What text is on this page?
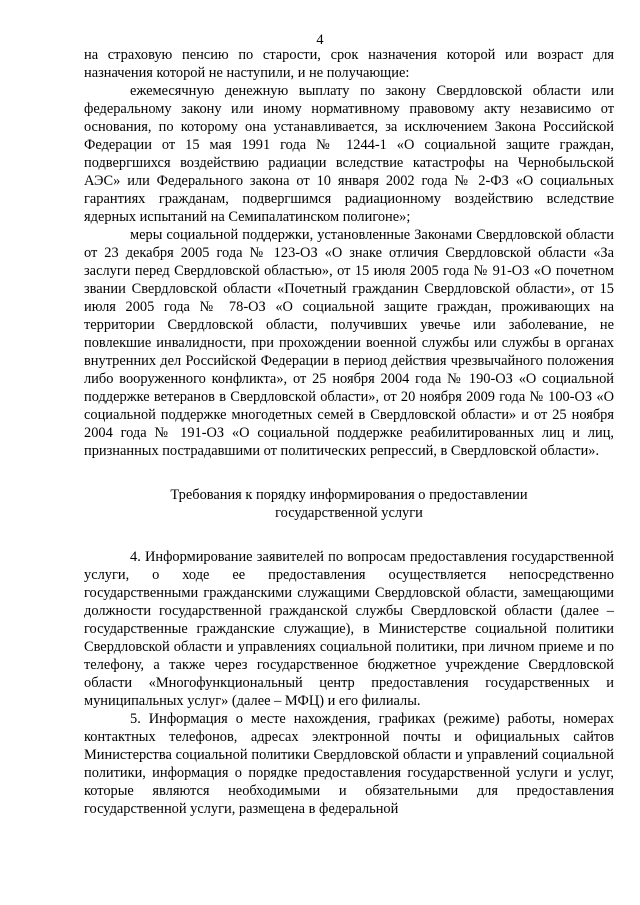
4

на страховую пенсию по старости, срок назначения которой или возраст для назначения которой не наступили, и не получающие:

ежемесячную денежную выплату по закону Свердловской области или федеральному закону или иному нормативному правовому акту независимо от основания, по которому она устанавливается, за исключением Закона Российской Федерации от 15 мая 1991 года № 1244-1 «О социальной защите граждан, подвергшихся воздействию радиации вследствие катастрофы на Чернобыльской АЭС» или Федерального закона от 10 января 2002 года № 2-ФЗ «О социальных гарантиях гражданам, подвергшимся радиационному воздействию вследствие ядерных испытаний на Семипалатинском полигоне»;

меры социальной поддержки, установленные Законами Свердловской области от 23 декабря 2005 года № 123-ОЗ «О знаке отличия Свердловской области «За заслуги перед Свердловской областью», от 15 июля 2005 года № 91-ОЗ «О почетном звании Свердловской области «Почетный гражданин Свердловской области», от 15 июля 2005 года № 78-ОЗ «О социальной защите граждан, проживающих на территории Свердловской области, получивших увечье или заболевание, не повлекшие инвалидности, при прохождении военной службы или службы в органах внутренних дел Российской Федерации в период действия чрезвычайного положения либо вооруженного конфликта», от 25 ноября 2004 года № 190-ОЗ «О социальной поддержке ветеранов в Свердловской области», от 20 ноября 2009 года № 100-ОЗ «О социальной поддержке многодетных семей в Свердловской области» и от 25 ноября 2004 года № 191-ОЗ «О социальной поддержке реабилитированных лиц и лиц, признанных пострадавшими от политических репрессий, в Свердловской области».

Требования к порядку информирования о предоставлении
государственной услуги

4. Информирование заявителей по вопросам предоставления государственной услуги, о ходе ее предоставления осуществляется непосредственно государственными гражданскими служащими Свердловской области, замещающими должности государственной гражданской службы Свердловской области (далее – государственные гражданские служащие), в Министерстве социальной политики Свердловской области и управлениях социальной политики, при личном приеме и по телефону, а также через государственное бюджетное учреждение Свердловской области «Многофункциональный центр предоставления государственных и муниципальных услуг» (далее – МФЦ) и его филиалы.

5. Информация о месте нахождения, графиках (режиме) работы, номерах контактных телефонов, адресах электронной почты и официальных сайтов Министерства социальной политики Свердловской области и управлений социальной политики, информация о порядке предоставления государственной услуги и услуг, которые являются необходимыми и обязательными для предоставления государственной услуги, размещена в федеральной
